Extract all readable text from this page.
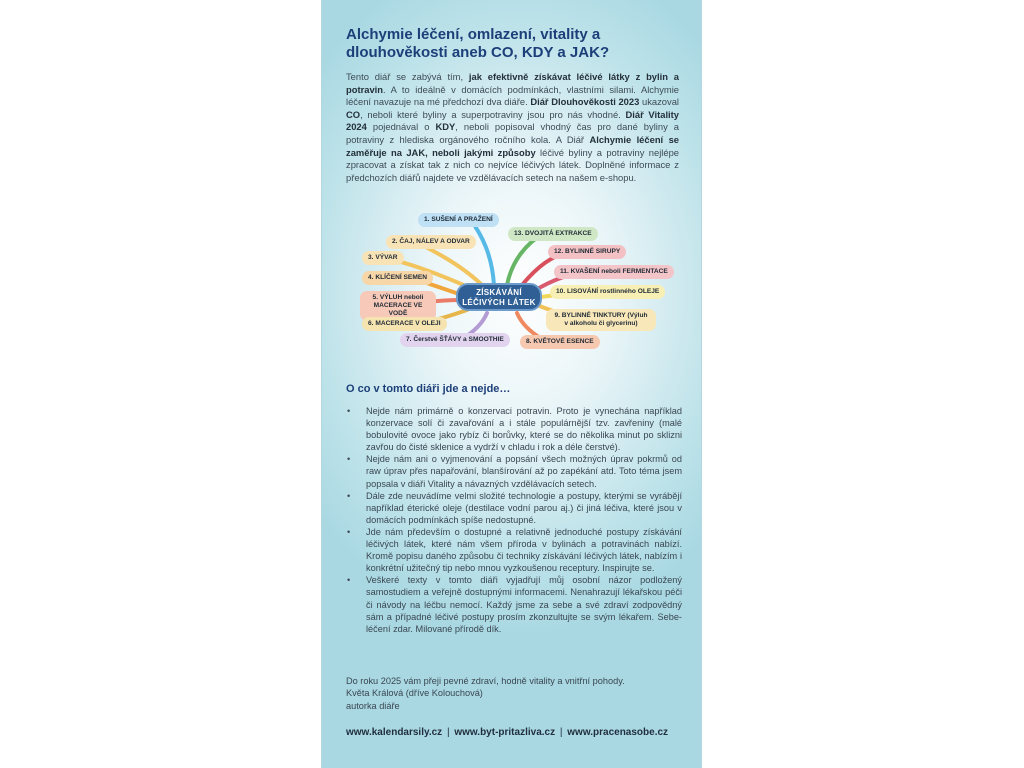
Alchymie léčení, omlazení, vitality a dlouhověkosti aneb CO, KDY a JAK?
Tento diář se zabývá tím, jak efektivně získávat léčivé látky z bylin a potravin. A to ideálně v domácích podmínkách, vlastními silami. Alchymie léčení navazuje na mé předchozí dva diáře. Diář Dlouhověkosti 2023 ukazoval CO, neboli které byliny a superpotraviny jsou pro nás vhodné. Diář Vitality 2024 pojednával o KDY, neboli popisoval vhodný čas pro dané byliny a potraviny z hlediska orgánového ročního kola. A Diář Alchymie léčení se zaměřuje na JAK, neboli jakými způsoby léčivé byliny a potraviny nejlépe zpracovat a získat tak z nich co nejvíce léčivých látek. Doplněné informace z předchozích diářů najdete ve vzdělávacích setech na našem e-shopu.
1. SUŠENÍ A PRAŽENÍ
2. ČAJ, NÁLEV A ODVAR
3. VÝVAR
4. KLÍČENÍ SEMEN
5. VÝLUH neboli MACERACE VE VODĚ
6. MACERACE V OLEJI
7. Čerstvé ŠŤÁVY a SMOOTHIE	8. KVĚTOVÉ ESENCE
9. BYLINNÉ TINKTURY (Výluh v alkoholu či glycerinu)
10. LISOVÁNÍ rostlinného OLEJE
11. KVAŠENÍ neboli FERMENTACE
12. BYLINNÉ SIRUPY
13. DVOJITÁ EXTRAKCE
ZÍSKÁVÁNÍ LÉČIVÝCH LÁTEK
O co v tomto diáři jde a nejde…
• Nejde nám primárně o konzervaci potravin. Proto je vynechána například konzervace solí či zavařování a i stále populárnější tzv. zavřeniny (malé bobulovité ovoce jako rybíz či borůvky, které se do několika minut po sklizni zavřou do čisté sklenice a vydrží v chladu i rok a déle čerstvé).
• Nejde nám ani o vyjmenování a popsání všech možných úprav pokrmů od raw úprav přes napařování, blanšírování až po zapékání atd. Toto téma jsem popsala v diáři Vitality a návazných vzdělávacích setech.
• Dále zde neuvádíme velmi složité technologie a postupy, kterými se vyrábějí například éterické oleje (destilace vodní parou aj.) či jiná léčiva, které jsou v domácích podmínkách spíše nedostupné.
• Jde nám především o dostupné a relativně jednoduché postupy získávání léčivých látek, které nám všem příroda v bylinách a potravinách nabízí. Kromě popisu daného způsobu či techniky získávání léčivých látek, nabízím i konkrétní užitečný tip nebo mnou vyzkoušenou receptury. Inspirujte se.
• Veškeré texty v tomto diáři vyjadřují můj osobní názor podložený samostudiem a veřejně dostupnými informacemi. Nenahrazují lékařskou péči či návody na léčbu nemocí. Každý jsme za sebe a své zdraví zodpovědný sám a případné léčivé postupy prosím zkonzultujte se svým lékařem. Sebe-léčení zdar. Milované přírodě dík.
Do roku 2025 vám přeji pevné zdraví, hodně vitality a vnitřní pohody.
Květa Králová (dříve Kolouchová)
autorka diáře
www.kalendarsily.cz | www.byt-pritazliva.cz | www.pracenasobe.cz
